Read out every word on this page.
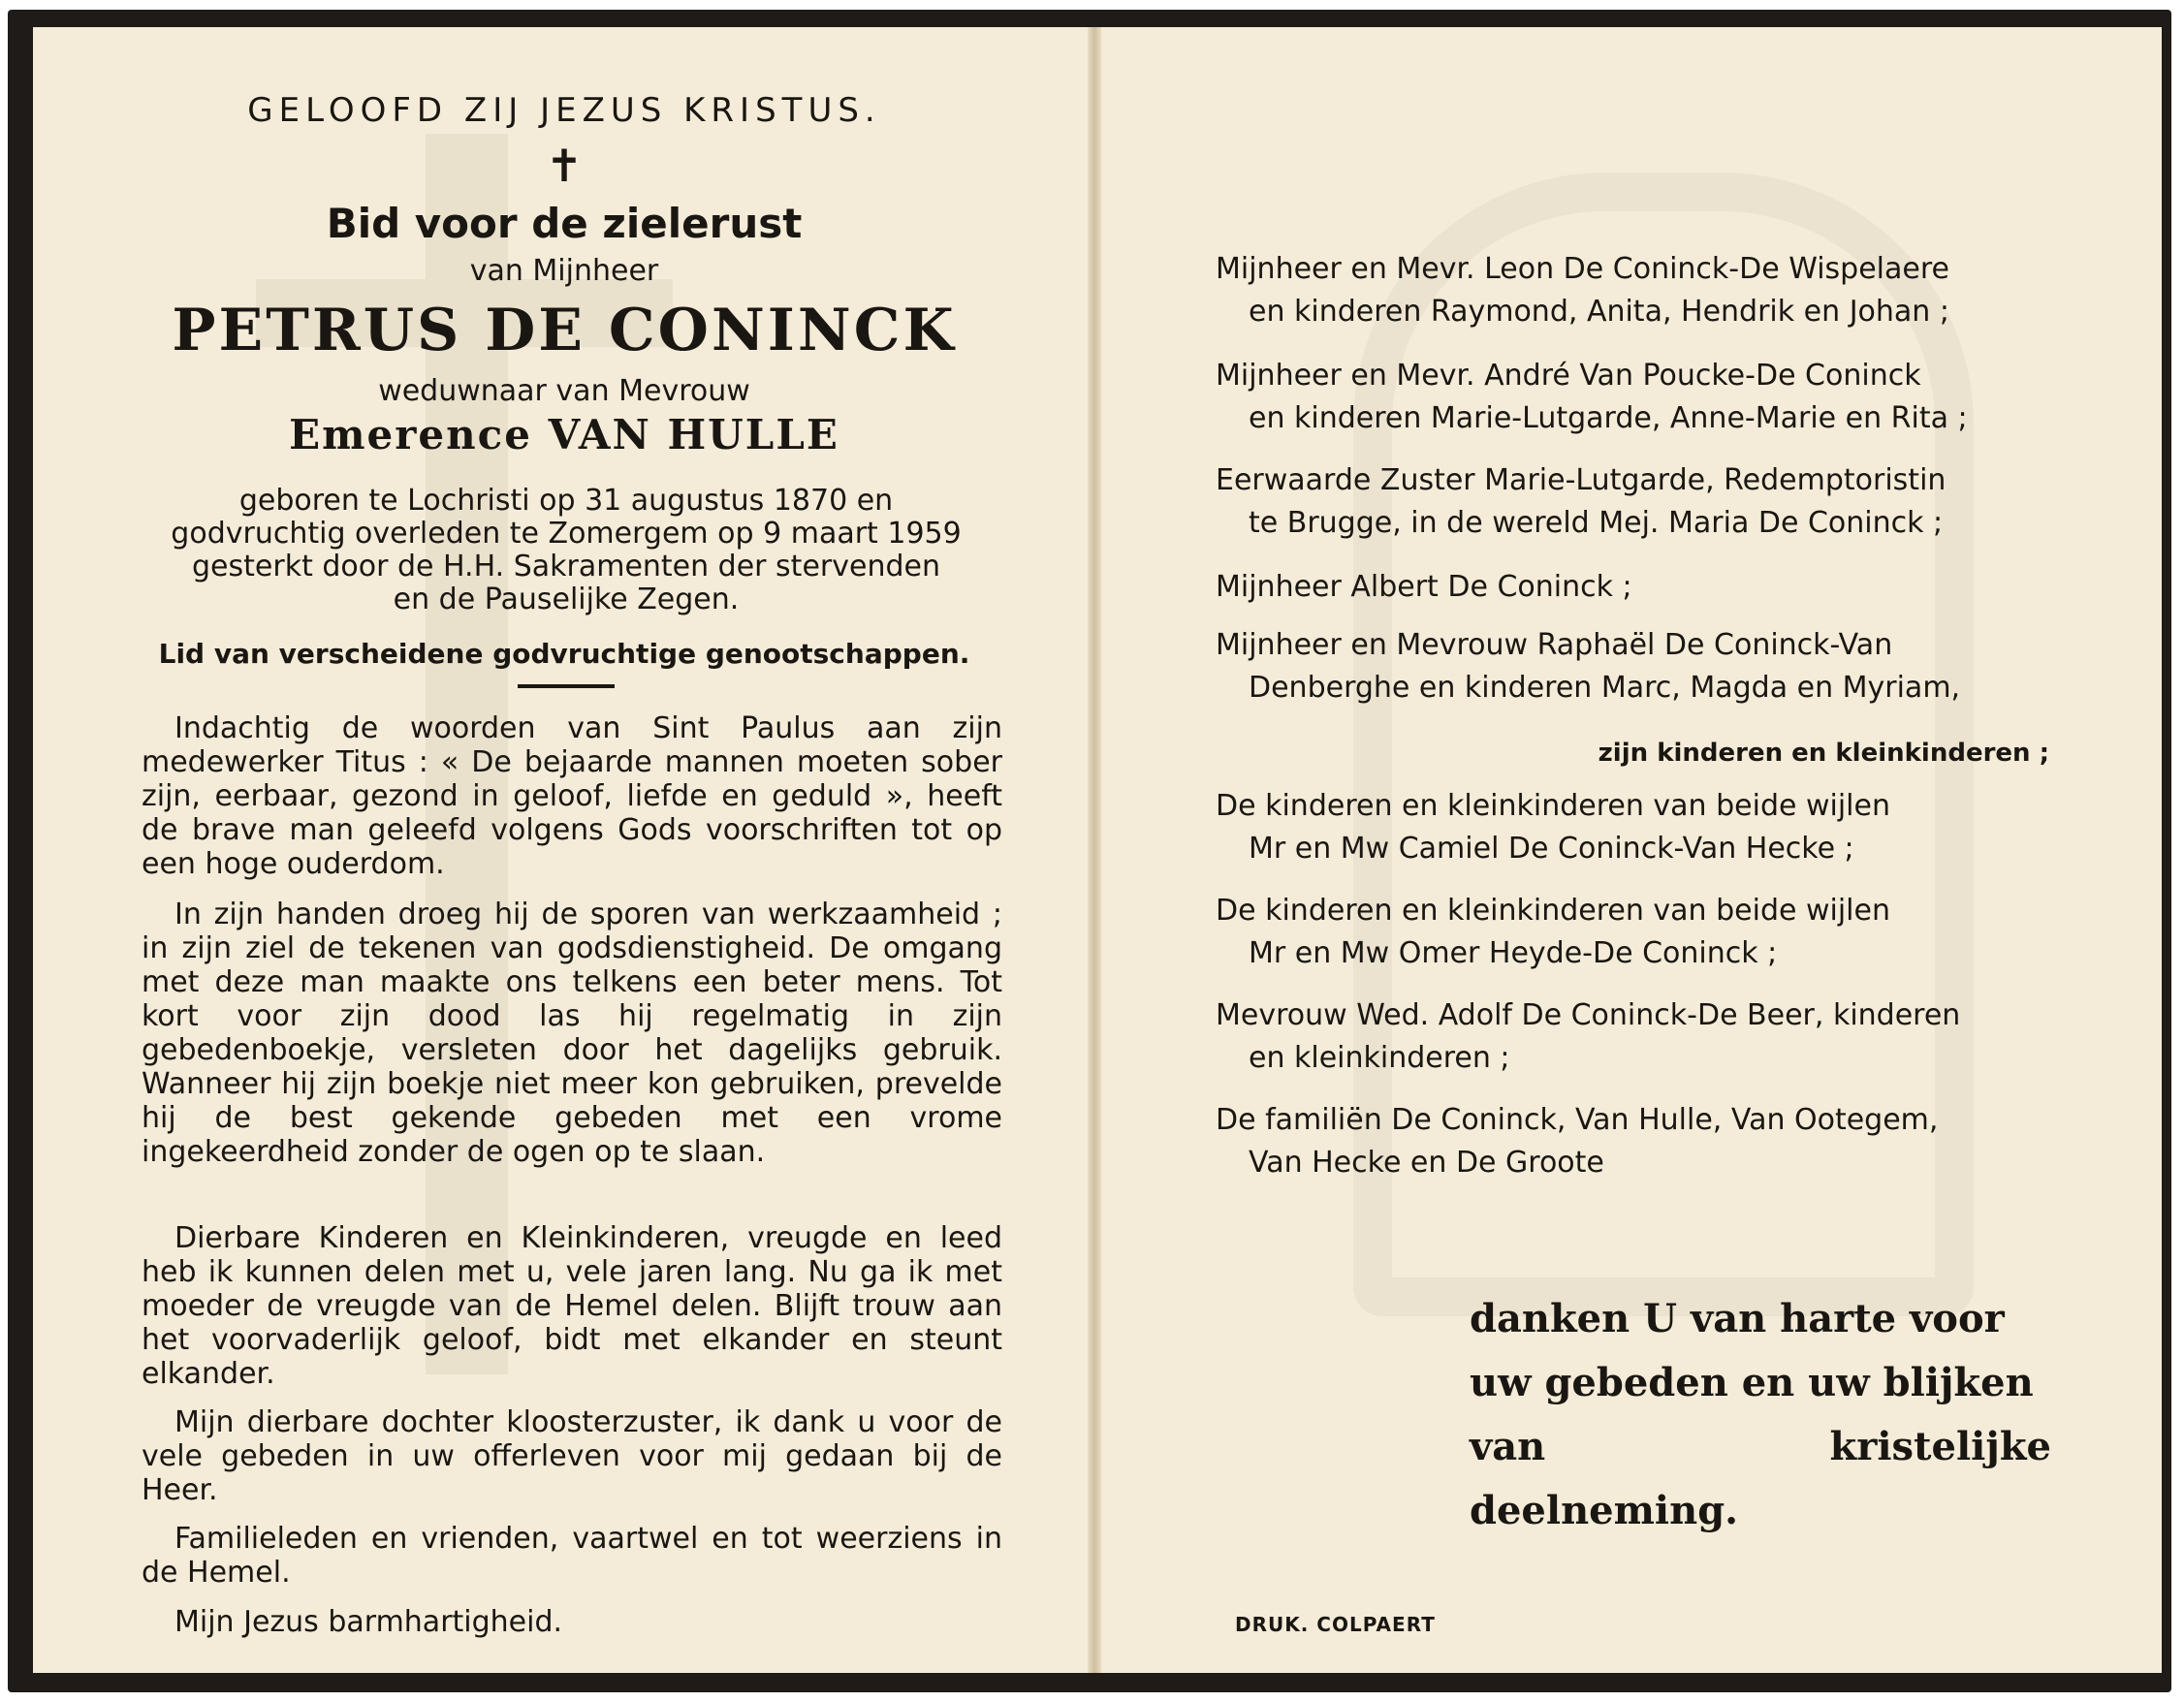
GELOOFD ZIJ JEZUS KRISTUS.
✝
Bid voor de zielerust
van Mijnheer
PETRUS DE CONINCK
weduwnaar van Mevrouw
Emerence VAN HULLE
geboren te Lochristi op 31 augustus 1870 en
godvruchtig overleden te Zomergem op 9 maart 1959
gesterkt door de H.H. Sakramenten der stervenden
en de Pauselijke Zegen.
Lid van verscheidene godvruchtige genootschappen.
Indachtig de woorden van Sint Paulus aan zijn medewerker Titus : « De bejaarde mannen moeten sober zijn, eerbaar, gezond in geloof, liefde en geduld », heeft de brave man geleefd volgens Gods voorschriften tot op een hoge ouderdom.
In zijn handen droeg hij de sporen van werkzaamheid ; in zijn ziel de tekenen van godsdienstigheid. De omgang met deze man maakte ons telkens een beter mens. Tot kort voor zijn dood las hij regelmatig in zijn gebedenboekje, versleten door het dagelijks gebruik. Wanneer hij zijn boekje niet meer kon gebruiken, prevelde hij de best gekende gebeden met een vrome ingekeerdheid zonder de ogen op te slaan.
Dierbare Kinderen en Kleinkinderen, vreugde en leed heb ik kunnen delen met u, vele jaren lang. Nu ga ik met moeder de vreugde van de Hemel delen. Blijft trouw aan het voorvaderlijk geloof, bidt met elkander en steunt elkander.
Mijn dierbare dochter kloosterzuster, ik dank u voor de vele gebeden in uw offerleven voor mij gedaan bij de Heer.
Familieleden en vrienden, vaartwel en tot weerziens in de Hemel.
Mijn Jezus barmhartigheid.
Mijnheer en Mevr. Leon De Coninck-De Wispelaere
en kinderen Raymond, Anita, Hendrik en Johan ;
Mijnheer en Mevr. André Van Poucke-De Coninck
en kinderen Marie-Lutgarde, Anne-Marie en Rita ;
Eerwaarde Zuster Marie-Lutgarde, Redemptoristin
te Brugge, in de wereld Mej. Maria De Coninck ;
Mijnheer Albert De Coninck ;
Mijnheer en Mevrouw Raphaël De Coninck-Van
Denberghe en kinderen Marc, Magda en Myriam,
zijn kinderen en kleinkinderen ;
De kinderen en kleinkinderen van beide wijlen
Mr en Mw Camiel De Coninck-Van Hecke ;
De kinderen en kleinkinderen van beide wijlen
Mr en Mw Omer Heyde-De Coninck ;
Mevrouw Wed. Adolf De Coninck-De Beer, kinderen
en kleinkinderen ;
De familiën De Coninck, Van Hulle, Van Ootegem,
Van Hecke en De Groote
danken U van harte voor
uw gebeden en uw blijken
van kristelijke deelneming.
DRUK. COLPAERT
